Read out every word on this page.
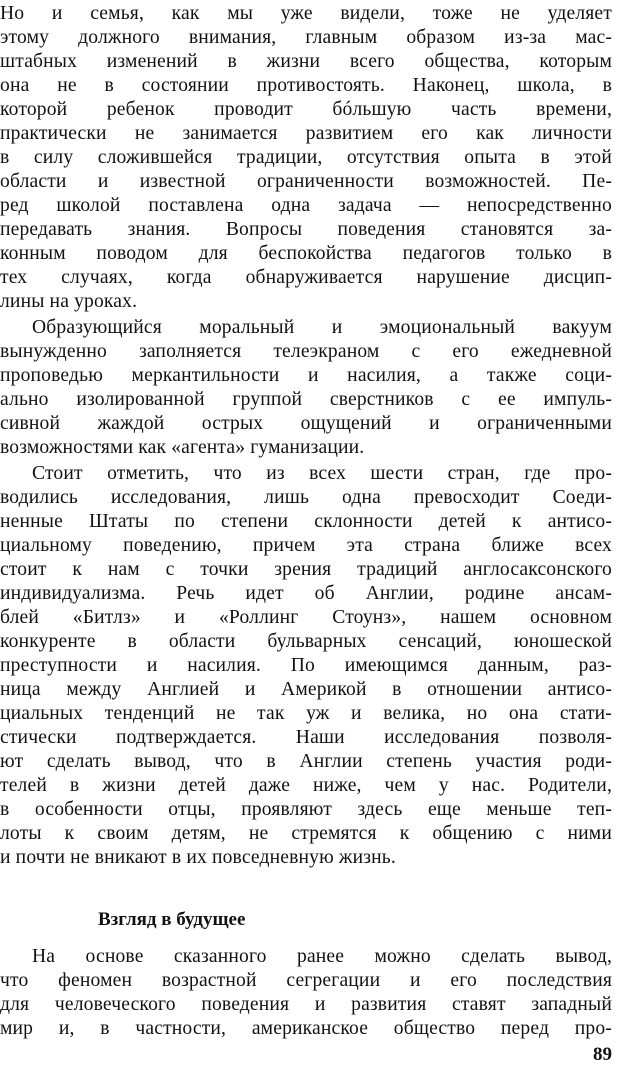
Но и семья, как мы уже видели, тоже не уделяет
этому должного внимания, главным образом из-за мас-
штабных изменений в жизни всего общества, которым
она не в состоянии противостоять. Наконец, школа, в
которой ребенок проводит бóльшую часть времени,
практически не занимается развитием его как личности
в силу сложившейся традиции, отсутствия опыта в этой
области и известной ограниченности возможностей. Пе-
ред школой поставлена одна задача — непосредственно
передавать знания. Вопросы поведения становятся за-
конным поводом для беспокойства педагогов только в
тех случаях, когда обнаруживается нарушение дисцип-
лины на уроках.
Образующийся моральный и эмоциональный вакуум
вынужденно заполняется телеэкраном с его ежедневной
проповедью меркантильности и насилия, а также соци-
ально изолированной группой сверстников с ее импуль-
сивной жаждой острых ощущений и ограниченными
возможностями как «агента» гуманизации.
Стоит отметить, что из всех шести стран, где про-
водились исследования, лишь одна превосходит Соеди-
ненные Штаты по степени склонности детей к антисо-
циальному поведению, причем эта страна ближе всех
стоит к нам с точки зрения традиций англосаксонского
индивидуализма. Речь идет об Англии, родине ансам-
блей «Битлз» и «Роллинг Стоунз», нашем основном
конкуренте в области бульварных сенсаций, юношеской
преступности и насилия. По имеющимся данным, раз-
ница между Англией и Америкой в отношении антисо-
циальных тенденций не так уж и велика, но она стати-
стически подтверждается. Наши исследования позволя-
ют сделать вывод, что в Англии степень участия роди-
телей в жизни детей даже ниже, чем у нас. Родители,
в особенности отцы, проявляют здесь еще меньше теп-
лоты к своим детям, не стремятся к общению с ними
и почти не вникают в их повседневную жизнь.
Взгляд в будущее
На основе сказанного ранее можно сделать вывод,
что феномен возрастной сегрегации и его последствия
для человеческого поведения и развития ставят западный
мир и, в частности, американское общество перед про-
89
